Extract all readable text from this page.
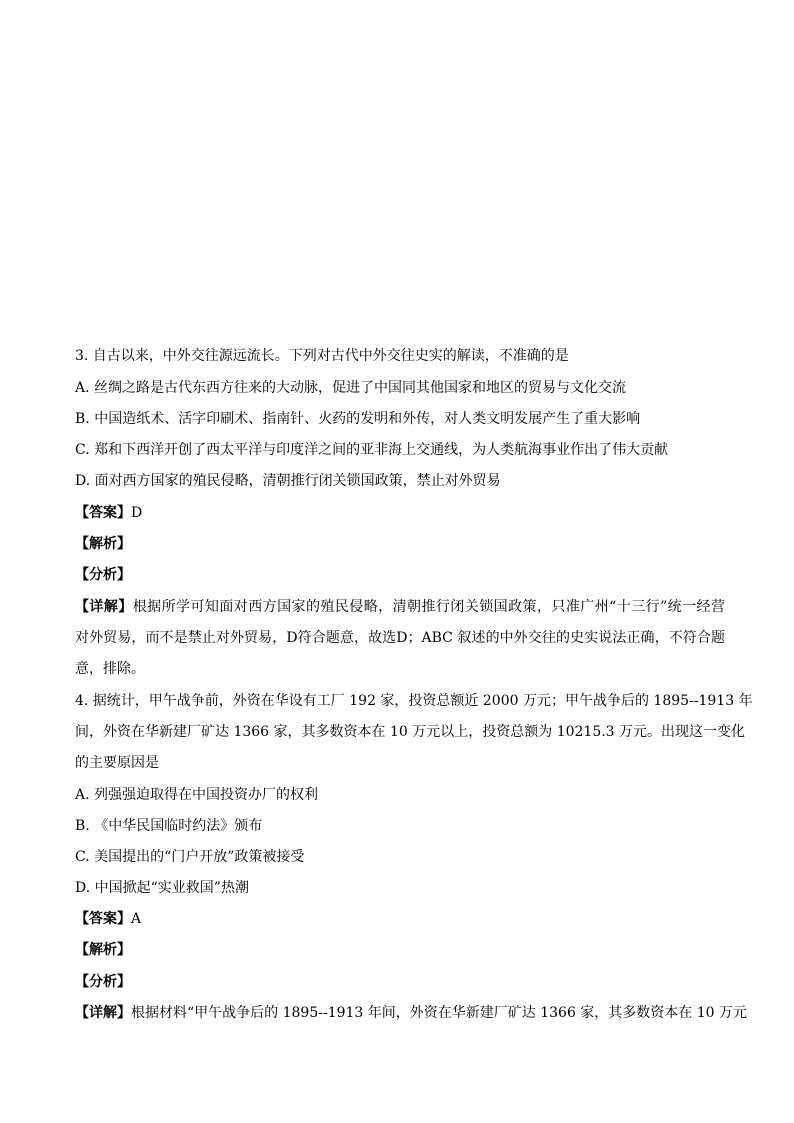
3. 自古以来，中外交往源远流长。下列对古代中外交往史实的解读，不准确的是
A. 丝绸之路是古代东西方往来的大动脉，促进了中国同其他国家和地区的贸易与文化交流
B. 中国造纸术、活字印刷术、指南针、火药的发明和外传，对人类文明发展产生了重大影响
C. 郑和下西洋开创了西太平洋与印度洋之间的亚非海上交通线，为人类航海事业作出了伟大贡献
D. 面对西方国家的殖民侵略，清朝推行闭关锁国政策，禁止对外贸易
【答案】D
【解析】
【分析】
【详解】根据所学可知面对西方国家的殖民侵略，清朝推行闭关锁国政策，只准广州“十三行”统一经营
对外贸易，而不是禁止对外贸易，D符合题意，故选D；ABC 叙述的中外交往的史实说法正确，不符合题
意，排除。
4. 据统计，甲午战争前，外资在华设有工厂 192 家，投资总额近 2000 万元；甲午战争后的 1895--1913 年
间，外资在华新建厂矿达 1366 家，其多数资本在 10 万元以上，投资总额为 10215.3 万元。出现这一变化
的主要原因是
A. 列强强迫取得在中国投资办厂的权利
B. 《中华民国临时约法》颁布
C. 美国提出的“门户开放”政策被接受
D. 中国掀起“实业救国”热潮
【答案】A
【解析】
【分析】
【详解】根据材料“甲午战争后的 1895--1913 年间，外资在华新建厂矿达 1366 家，其多数资本在 10 万元
